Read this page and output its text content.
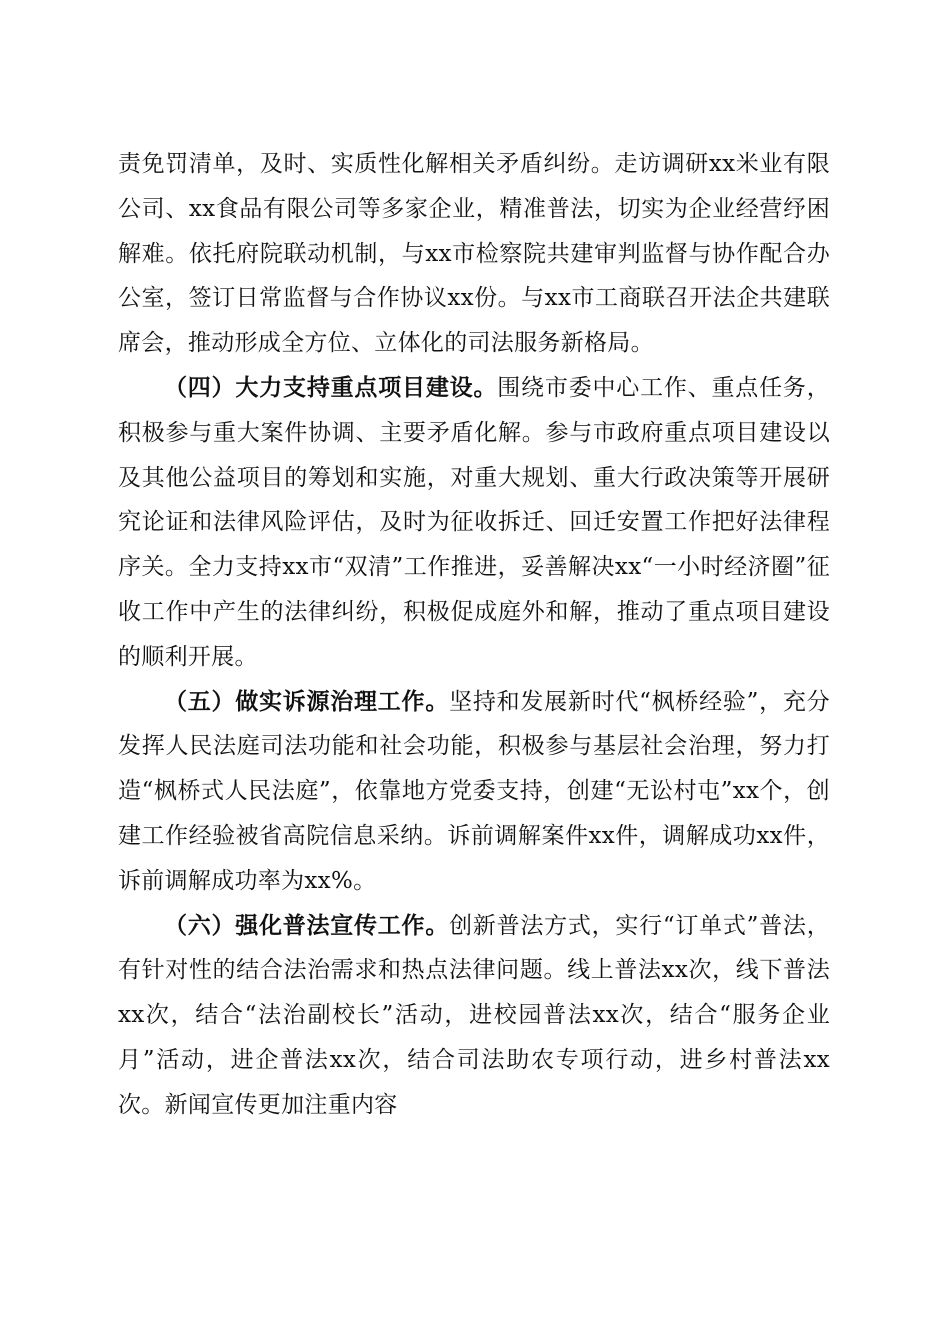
责免罚清单，及时、实质性化解相关矛盾纠纷。走访调研xx米业有限公司、xx食品有限公司等多家企业，精准普法，切实为企业经营纾困解难。依托府院联动机制，与xx市检察院共建审判监督与协作配合办公室，签订日常监督与合作协议xx份。与xx市工商联召开法企共建联席会，推动形成全方位、立体化的司法服务新格局。

（四）大力支持重点项目建设。围绕市委中心工作、重点任务，积极参与重大案件协调、主要矛盾化解。参与市政府重点项目建设以及其他公益项目的筹划和实施，对重大规划、重大行政决策等开展研究论证和法律风险评估，及时为征收拆迁、回迁安置工作把好法律程序关。全力支持xx市“双清”工作推进，妥善解决xx“一小时经济圈”征收工作中产生的法律纠纷，积极促成庭外和解，推动了重点项目建设的顺利开展。

（五）做实诉源治理工作。坚持和发展新时代“枫桥经验”，充分发挥人民法庭司法功能和社会功能，积极参与基层社会治理，努力打造“枫桥式人民法庭”，依靠地方党委支持，创建“无讼村屯”xx个，创建工作经验被省高院信息采纳。诉前调解案件xx件，调解成功xx件，诉前调解成功率为xx%。

（六）强化普法宣传工作。创新普法方式，实行“订单式”普法，有针对性的结合法治需求和热点法律问题。线上普法xx次，线下普法xx次，结合“法治副校长”活动，进校园普法xx次，结合“服务企业月”活动，进企普法xx次，结合司法助农专项行动，进乡村普法xx次。新闻宣传更加注重内容
